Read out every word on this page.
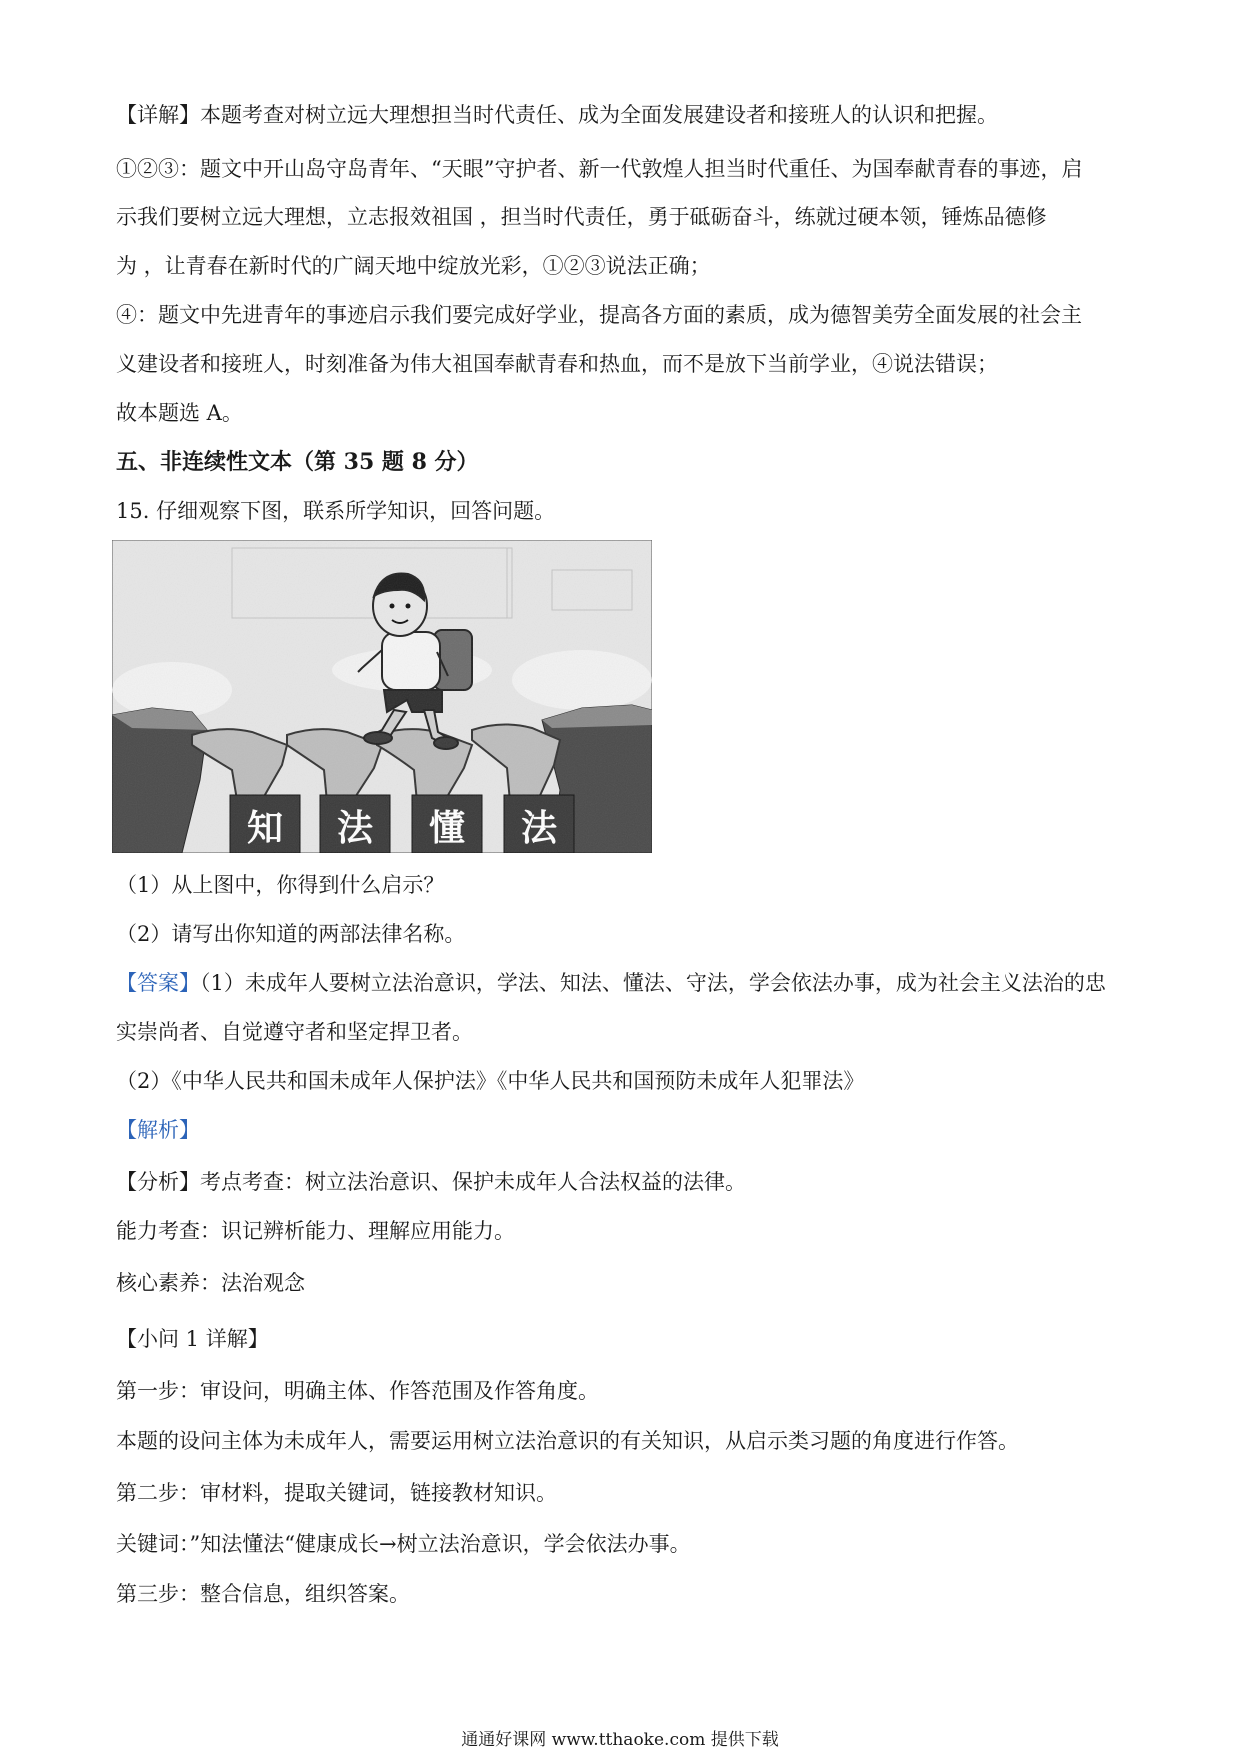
【详解】本题考查对树立远大理想担当时代责任、成为全面发展建设者和接班人的认识和把握。
①②③：题文中开山岛守岛青年、“天眼”守护者、新一代敦煌人担当时代重任、为国奉献青春的事迹，启
示我们要树立远大理想，立志报效祖国 ，担当时代责任，勇于砥砺奋斗，练就过硬本领，锤炼品德修
为 ，让青春在新时代的广阔天地中绽放光彩，①②③说法正确；
④：题文中先进青年的事迹启示我们要完成好学业，提高各方面的素质，成为德智美劳全面发展的社会主
义建设者和接班人，时刻准备为伟大祖国奉献青春和热血，而不是放下当前学业，④说法错误；
故本题选 A。
五、非连续性文本（第 35 题 8 分）
15. 仔细观察下图，联系所学知识，回答问题。
（1）从上图中，你得到什么启示？
（2）请写出你知道的两部法律名称。
【答案】（1）未成年人要树立法治意识，学法、知法、懂法、守法，学会依法办事，成为社会主义法治的忠
实崇尚者、自觉遵守者和坚定捍卫者。
（2）《中华人民共和国未成年人保护法》《中华人民共和国预防未成年人犯罪法》
【解析】
【分析】考点考查：树立法治意识、保护未成年人合法权益的法律。
能力考查：识记辨析能力、理解应用能力。
核心素养：法治观念
【小问 1 详解】
第一步：审设问，明确主体、作答范围及作答角度。
本题的设问主体为未成年人，需要运用树立法治意识的有关知识，从启示类习题的角度进行作答。
第二步：审材料，提取关键词，链接教材知识。
关键词：”知法懂法“健康成长→树立法治意识，学会依法办事。
第三步：整合信息，组织答案。
通通好课网 www.tthaoke.com 提供下载
